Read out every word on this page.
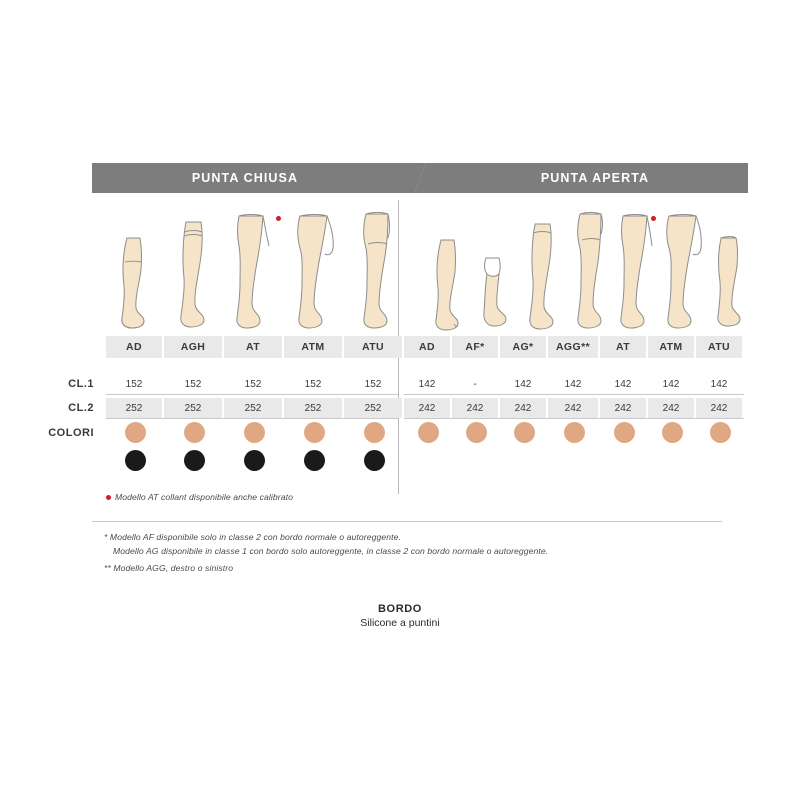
PUNTA CHIUSA	PUNTA APERTA
AD	AGH	AT	ATM	ATU	AD	AF*	AG*	AGG**	AT	ATM	ATU
CL.1	152	152	152	152	152	142	-	142	142	142	142	142
CL.2	252	252	252	252	252	242	242	242	242	242	242	242
COLORI
Modello AT collant disponibile anche calibrato
* Modello AF disponibile solo in classe 2 con bordo normale o autoreggente.
Modello AG disponibile in classe 1 con bordo solo autoreggente, in classe 2 con bordo normale o autoreggente.
** Modello AGG, destro o sinistro
BORDO
Silicone a puntini
